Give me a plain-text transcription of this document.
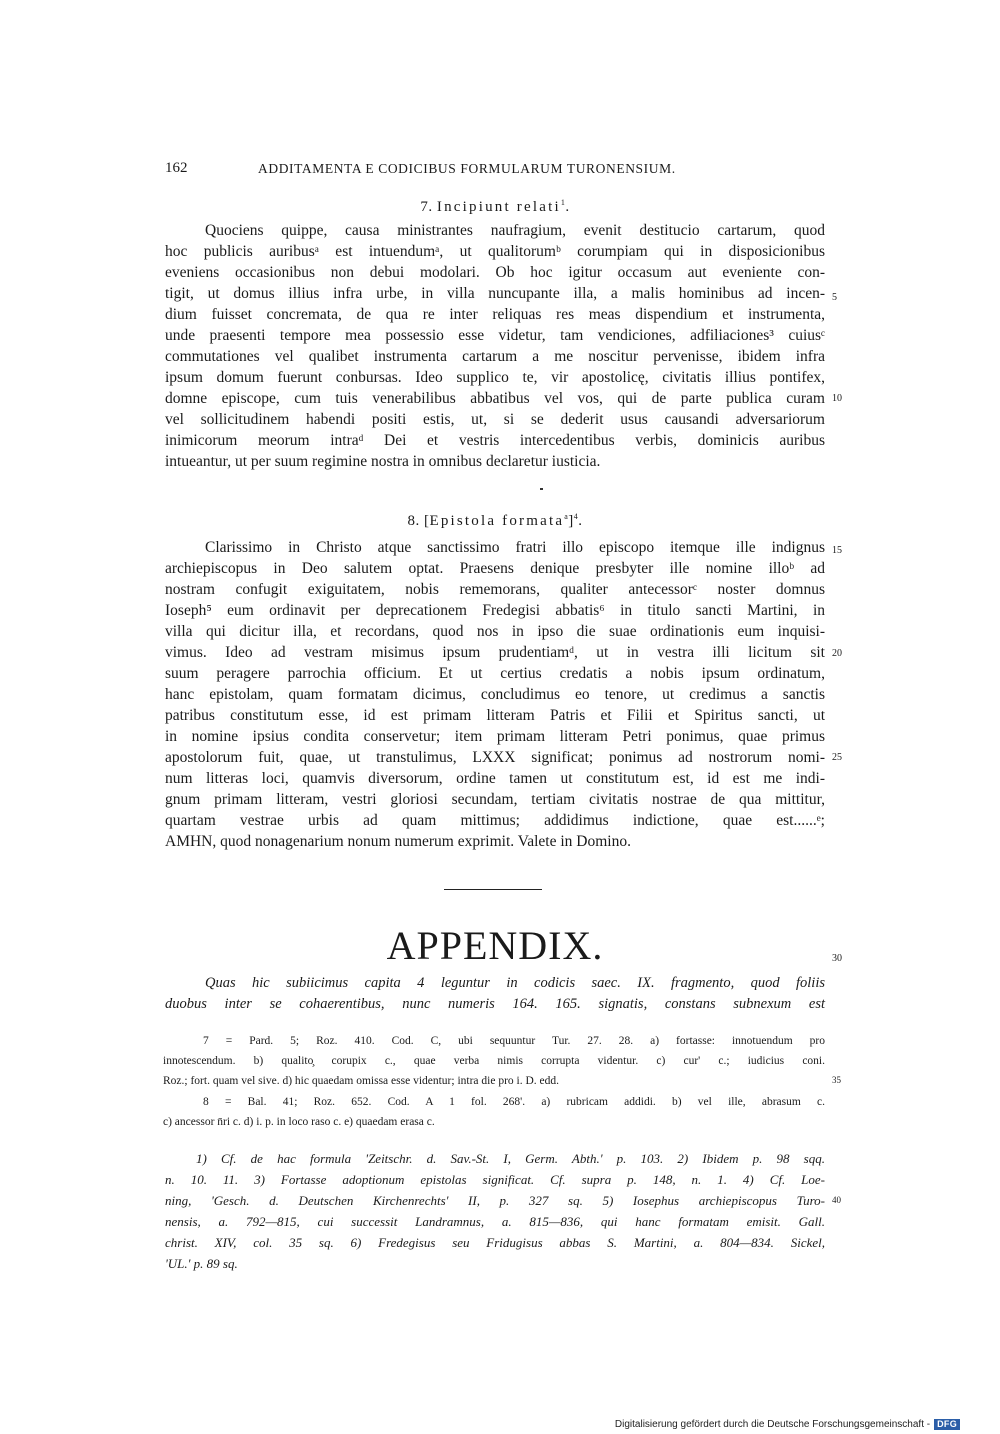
162	ADDITAMENTA E CODICIBUS FORMULARUM TURONENSIUM.
7. Incipiunt relati$^1$.
Quociens quippe, causa ministrantes naufragium, evenit destitucio cartarum, quod
hoc publicis auribusᵃ est intuendumᵃ, ut qualitorumᵇ corumpiam qui in disposicionibus
eveniens occasionibus non debui modolari. Ob hoc igitur occasum aut eveniente con-
tigit, ut domus illius infra urbe, in villa nuncupante illa, a malis hominibus ad incen-
dium fuisset concremata, de qua re inter reliquas res meas dispendium et instrumenta,
unde praesenti tempore mea possessio esse videtur, tam vendiciones, adfiliaciones³ cuiusᶜ
commutationes vel qualibet instrumenta cartarum a me noscitur pervenisse, ibidem infra
ipsum domum fuerunt conbursas. Ideo supplico te, vir apostolicę, civitatis illius pontifex,
domne episcope, cum tuis venerabilibus abbatibus vel vos, qui de parte publica curam
vel sollicitudinem habendi positi estis, ut, si se dederit usus causandi adversariorum
inimicorum meorum intraᵈ Dei et vestris intercedentibus verbis, dominicis auribus
intueantur, ut per suum regimine nostra in omnibus declaretur iusticia.
8. [Epistola formata$^a$]$^4$.
Clarissimo in Christo atque sanctissimo fratri illo episcopo itemque ille indignus
archiepiscopus in Deo salutem optat. Praesens denique presbyter ille nomine illoᵇ ad
nostram confugit exiguitatem, nobis rememorans, qualiter antecessorᶜ noster domnus
Ioseph⁵ eum ordinavit per deprecationem Fredegisi abbatis⁶ in titulo sancti Martini, in
villa qui dicitur illa, et recordans, quod nos in ipso die suae ordinationis eum inquisi-
vimus. Ideo ad vestram misimus ipsum prudentiamᵈ, ut in vestra illi licitum sit
suum peragere parrochia officium. Et ut certius credatis a nobis ipsum ordinatum,
hanc epistolam, quam formatam dicimus, concludimus eo tenore, ut credimus a sanctis
patribus constitutum esse, id est primam litteram Patris et Filii et Spiritus sancti, ut
in nomine ipsius condita conservetur; item primam litteram Petri ponimus, quae primus
apostolorum fuit, quae, ut transtulimus, LXXX significat; ponimus ad nostrorum nomi-
num litteras loci, quamvis diversorum, ordine tamen ut constitutum est, id est me indi-
gnum primam litteram, vestri gloriosi secundam, tertiam civitatis nostrae de qua mittitur,
quartam vestrae urbis ad quam mittimus; addidimus indictione, quae est......ᵉ;
AMHN, quod nonagenarium nonum numerum exprimit. Valete in Domino.
5
10
15
20
25
30
35
40
APPENDIX.
Quas hic subiicimus capita 4 leguntur in codicis saec. IX. fragmento, quod foliis
duobus inter se cohaerentibus, nunc numeris 164. 165. signatis, constans subnexum est
7 = Pard. 5; Roz. 410. Cod. C, ubi sequuntur Tur. 27. 28. a) fortasse: innotuendum pro
innotescendum. b) qualito̧ corupix c., quae verba nimis corrupta videntur. c) cur' c.; iudicius coni.
Roz.; fort. quam vel sive. d) hic quaedam omissa esse videntur; intra die pro i. D. edd.
8 = Bal. 41; Roz. 652. Cod. A 1 fol. 268'. a) rubricam addidi. b) vel ille, abrasum c.
c) ancessor n̄ri c. d) i. p. in loco raso c. e) quaedam erasa c.
1) Cf. de hac formula 'Zeitschr. d. Sav.-St. I, Germ. Abth.' p. 103. 2) Ibidem p. 98 sqq.
n. 10. 11. 3) Fortasse adoptionum epistolas significat. Cf. supra p. 148, n. 1. 4) Cf. Loe-
ning, 'Gesch. d. Deutschen Kirchenrechts' II, p. 327 sq. 5) Iosephus archiepiscopus Turo-
nensis, a. 792—815, cui successit Landramnus, a. 815—836, qui hanc formatam emisit. Gall.
christ. XIV, col. 35 sq. 6) Fredegisus seu Fridugisus abbas S. Martini, a. 804—834. Sickel,
'UL.' p. 89 sq.
Digitalisierung gefördert durch die Deutsche Forschungsgemeinschaft - DFG
